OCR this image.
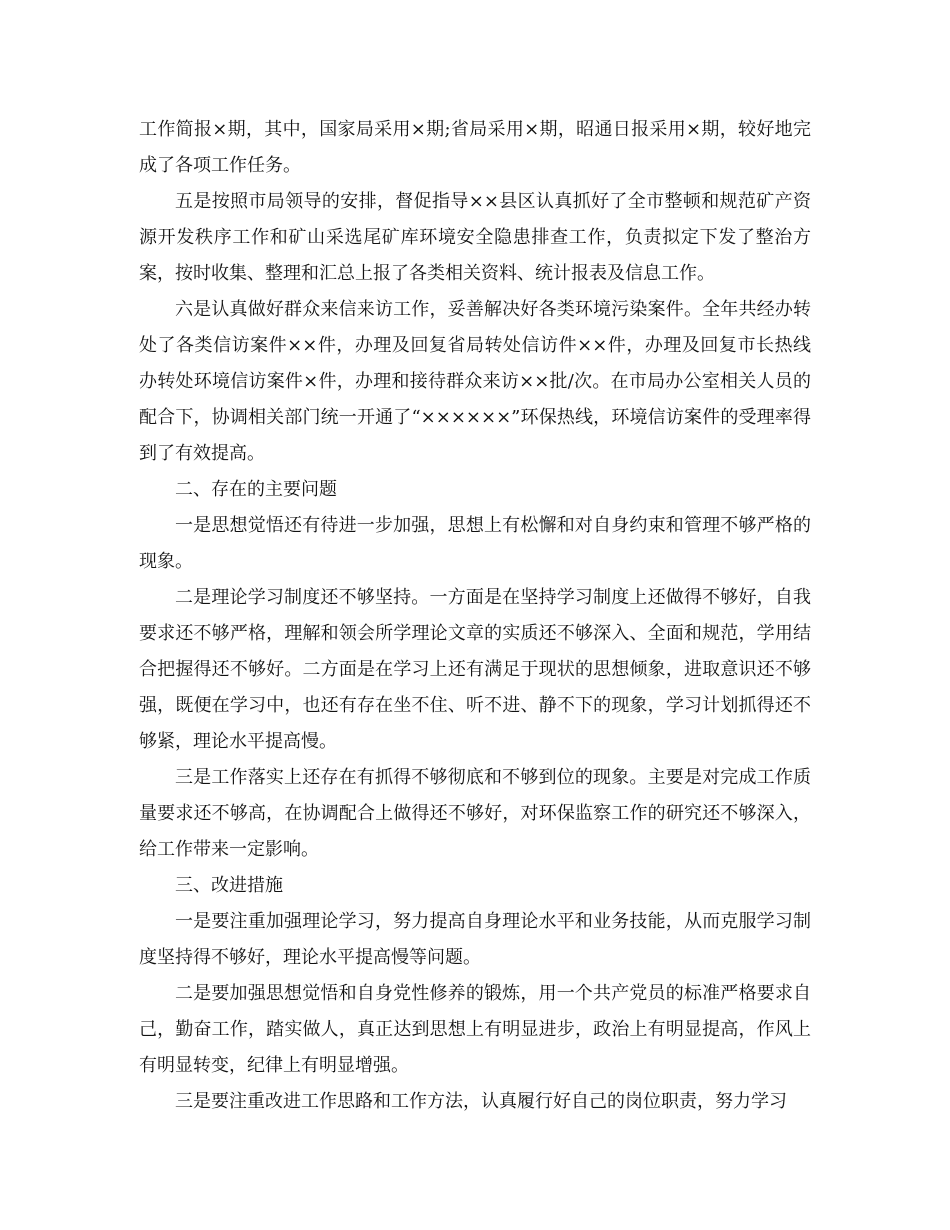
工作简报×期，其中，国家局采用×期;省局采用×期，昭通日报采用×期，较好地完成了各项工作任务。

五是按照市局领导的安排，督促指导××县区认真抓好了全市整顿和规范矿产资源开发秩序工作和矿山采选尾矿库环境安全隐患排查工作，负责拟定下发了整治方案，按时收集、整理和汇总上报了各类相关资料、统计报表及信息工作。

六是认真做好群众来信来访工作，妥善解决好各类环境污染案件。全年共经办转处了各类信访案件××件，办理及回复省局转处信访件××件，办理及回复市长热线办转处环境信访案件×件，办理和接待群众来访××批/次。在市局办公室相关人员的配合下，协调相关部门统一开通了“××××××”环保热线，环境信访案件的受理率得到了有效提高。

二、存在的主要问题

一是思想觉悟还有待进一步加强，思想上有松懈和对自身约束和管理不够严格的现象。

二是理论学习制度还不够坚持。一方面是在坚持学习制度上还做得不够好，自我要求还不够严格，理解和领会所学理论文章的实质还不够深入、全面和规范，学用结合把握得还不够好。二方面是在学习上还有满足于现状的思想倾象，进取意识还不够强，既便在学习中，也还有存在坐不住、听不进、静不下的现象，学习计划抓得还不够紧，理论水平提高慢。

三是工作落实上还存在有抓得不够彻底和不够到位的现象。主要是对完成工作质量要求还不够高，在协调配合上做得还不够好，对环保监察工作的研究还不够深入，给工作带来一定影响。

三、改进措施

一是要注重加强理论学习，努力提高自身理论水平和业务技能，从而克服学习制度坚持得不够好，理论水平提高慢等问题。

二是要加强思想觉悟和自身党性修养的锻炼，用一个共产党员的标准严格要求自己，勤奋工作，踏实做人，真正达到思想上有明显进步，政治上有明显提高，作风上有明显转变，纪律上有明显增强。

三是要注重改进工作思路和工作方法，认真履行好自己的岗位职责，努力学习
